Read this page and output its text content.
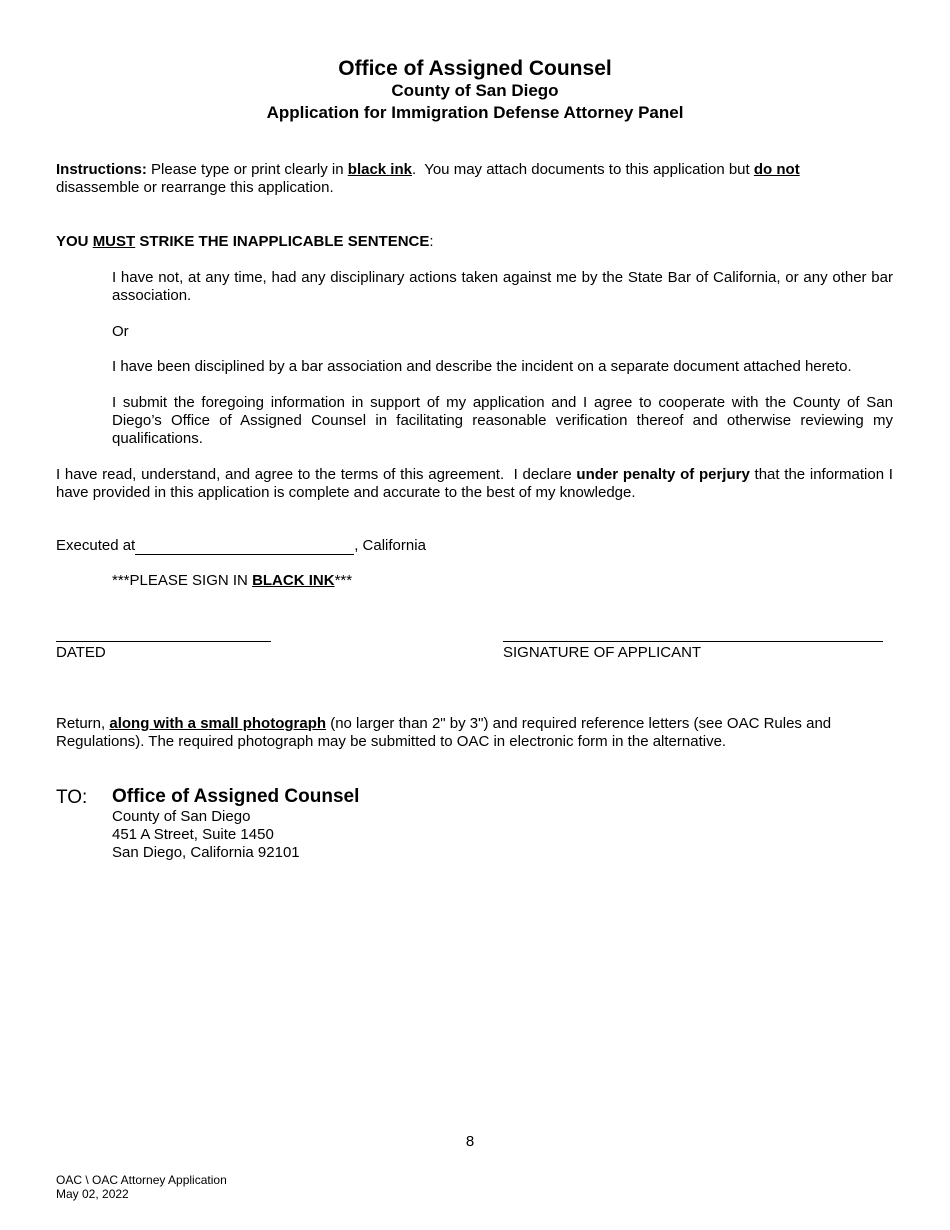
Office of Assigned Counsel
County of San Diego
Application for Immigration Defense Attorney Panel
Instructions: Please type or print clearly in black ink.  You may attach documents to this application but do not
disassemble or rearrange this application.
YOU MUST STRIKE THE INAPPLICABLE SENTENCE:
I have not, at any time, had any disciplinary actions taken against me by the State Bar of California, or any other bar association.
Or
I have been disciplined by a bar association and describe the incident on a separate document attached hereto.
I submit the foregoing information in support of my application and I agree to cooperate with the County of San Diego’s Office of Assigned Counsel in facilitating reasonable verification thereof and otherwise reviewing my qualifications.
I have read, understand, and agree to the terms of this agreement.  I declare under penalty of perjury that the information I have provided in this application is complete and accurate to the best of my knowledge.
Executed at	, California
***PLEASE SIGN IN BLACK INK***
DATED	SIGNATURE OF APPLICANT
Return, along with a small photograph (no larger than 2" by 3") and required reference letters (see OAC Rules and Regulations). The required photograph may be submitted to OAC in electronic form in the alternative.
TO: Office of Assigned Counsel
County of San Diego
451 A Street, Suite 1450
San Diego, California 92101
8
OAC \ OAC Attorney Application
May 02, 2022
